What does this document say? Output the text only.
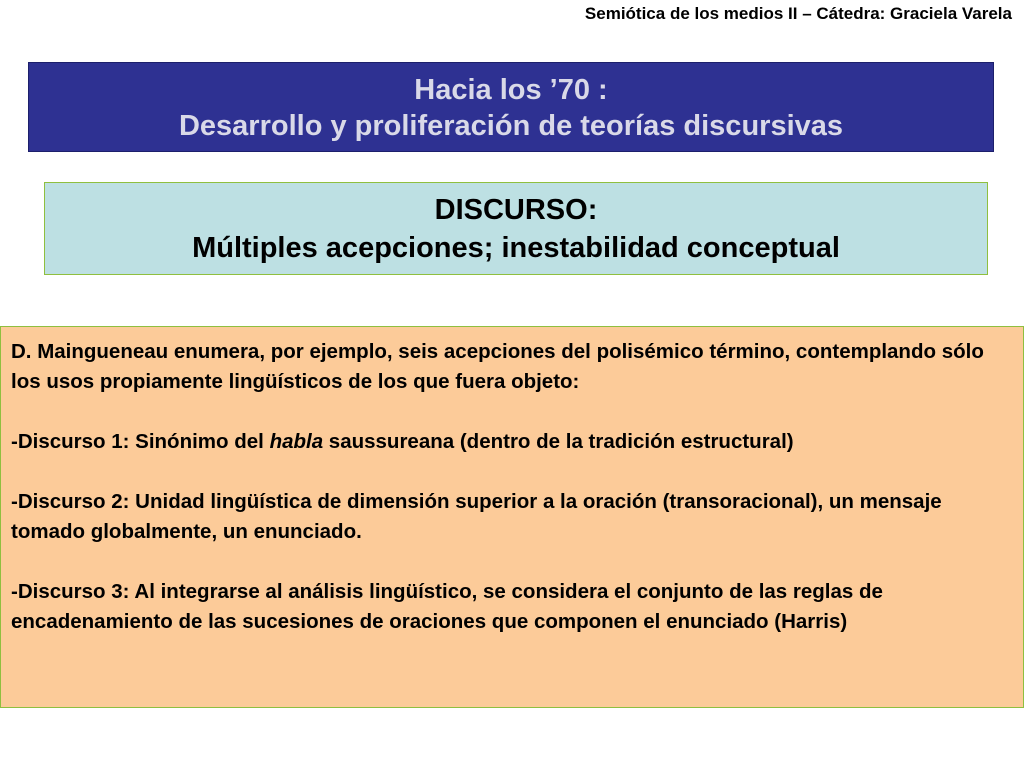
Semiótica de los medios II – Cátedra: Graciela Varela
Hacia los ’70 :
Desarrollo y proliferación de teorías discursivas
DISCURSO:
Múltiples acepciones; inestabilidad conceptual

D. Maingueneau enumera, por ejemplo, seis acepciones del polisémico término, contemplando sólo los usos propiamente lingüísticos de los que fuera objeto:

-Discurso 1: Sinónimo del habla saussureana (dentro de la tradición estructural)

-Discurso 2: Unidad lingüística de dimensión superior a la oración (transoracional), un mensaje tomado globalmente, un enunciado.

-Discurso 3: Al integrarse al análisis lingüístico, se considera el conjunto de las reglas de encadenamiento de las sucesiones de oraciones que componen el enunciado (Harris)
